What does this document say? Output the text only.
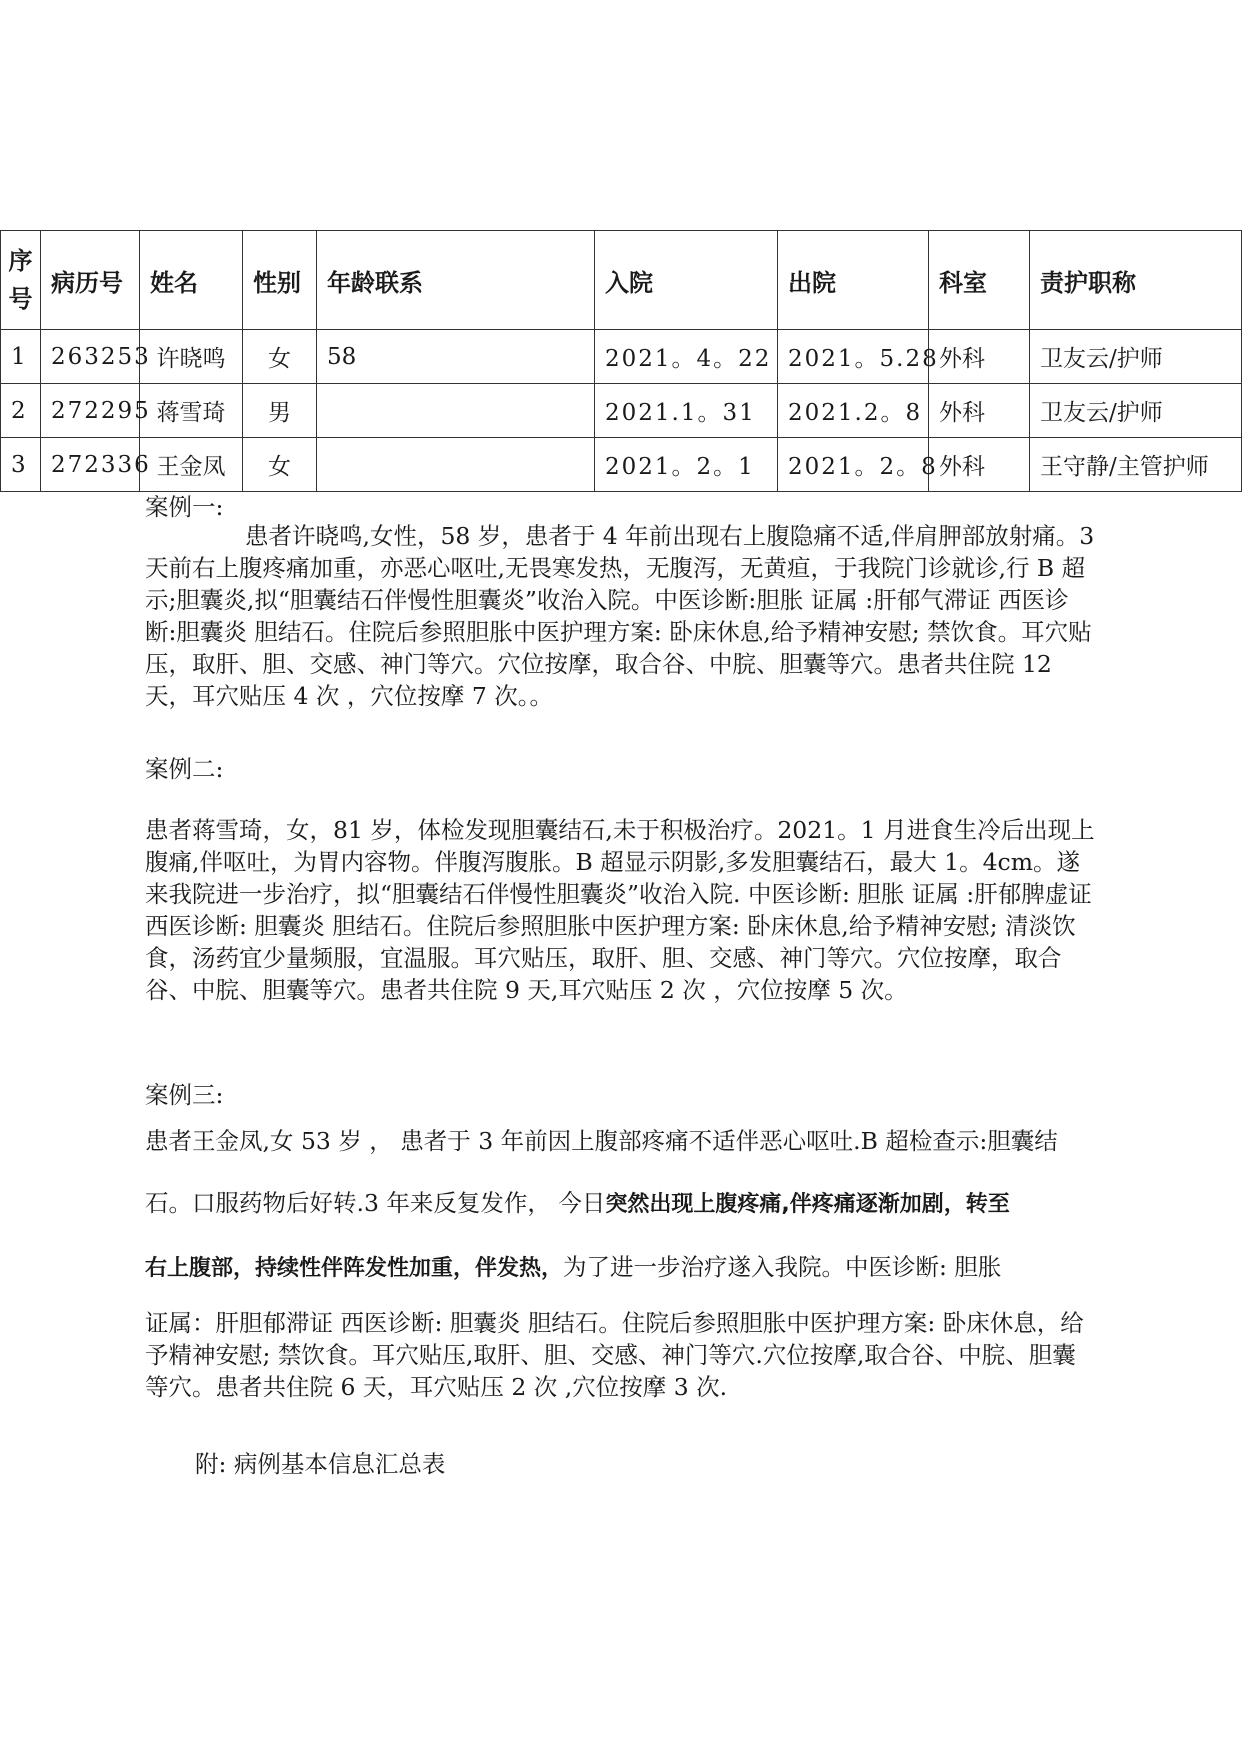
序号	病历号	姓名	性别	年龄联系	入院	出院	科室	责护职称
1	263253	许晓鸣	女	58	2021。4。22	2021。5.28	外科	卫友云/护师
2	272295	蒋雪琦	男		2021.1。31	2021.2。8	外科	卫友云/护师
3	272336	王金凤	女		2021。2。1	2021。2。8	外科	王守静/主管护师
案例一:

患者许晓鸣,女性，58 岁，患者于 4 年前出现右上腹隐痛不适,伴肩胛部放射痛。3 天前右上腹疼痛加重，亦恶心呕吐,无畏寒发热，无腹泻，无黄疸，于我院门诊就诊,行 B 超示;胆囊炎,拟“胆囊结石伴慢性胆囊炎”收治入院。中医诊断:胆胀 证属 :肝郁气滞证 西医诊断:胆囊炎 胆结石。住院后参照胆胀中医护理方案: 卧床休息,给予精神安慰; 禁饮食。耳穴贴压，取肝、胆、交感、神门等穴。穴位按摩，取合谷、中脘、胆囊等穴。患者共住院 12 天，耳穴贴压 4 次 ，穴位按摩 7 次。。

案例二:

患者蒋雪琦，女，81 岁，体检发现胆囊结石,未于积极治疗。2021。1 月进食生冷后出现上腹痛,伴呕吐，为胃内容物。伴腹泻腹胀。B 超显示阴影,多发胆囊结石，最大 1。4cm。遂来我院进一步治疗，拟“胆囊结石伴慢性胆囊炎”收治入院. 中医诊断: 胆胀 证属 :肝郁脾虚证 西医诊断: 胆囊炎 胆结石。住院后参照胆胀中医护理方案: 卧床休息,给予精神安慰; 清淡饮食，汤药宜少量频服，宜温服。耳穴贴压，取肝、胆、交感、神门等穴。穴位按摩，取合谷、中脘、胆囊等穴。患者共住院 9 天,耳穴贴压 2 次 ，穴位按摩 5 次。

案例三:

患者王金凤,女 53 岁 ， 患者于 3 年前因上腹部疼痛不适伴恶心呕吐.B 超检查示:胆囊结

石。口服药物后好转.3 年来反复发作， 今日突然出现上腹疼痛,伴疼痛逐渐加剧，转至

右上腹部，持续性伴阵发性加重，伴发热，为了进一步治疗遂入我院。中医诊断: 胆胀

证属：肝胆郁滞证 西医诊断: 胆囊炎 胆结石。住院后参照胆胀中医护理方案: 卧床休息，给予精神安慰; 禁饮食。耳穴贴压,取肝、胆、交感、神门等穴.穴位按摩,取合谷、中脘、胆囊等穴。患者共住院 6 天，耳穴贴压 2 次 ,穴位按摩 3 次.

附: 病例基本信息汇总表
